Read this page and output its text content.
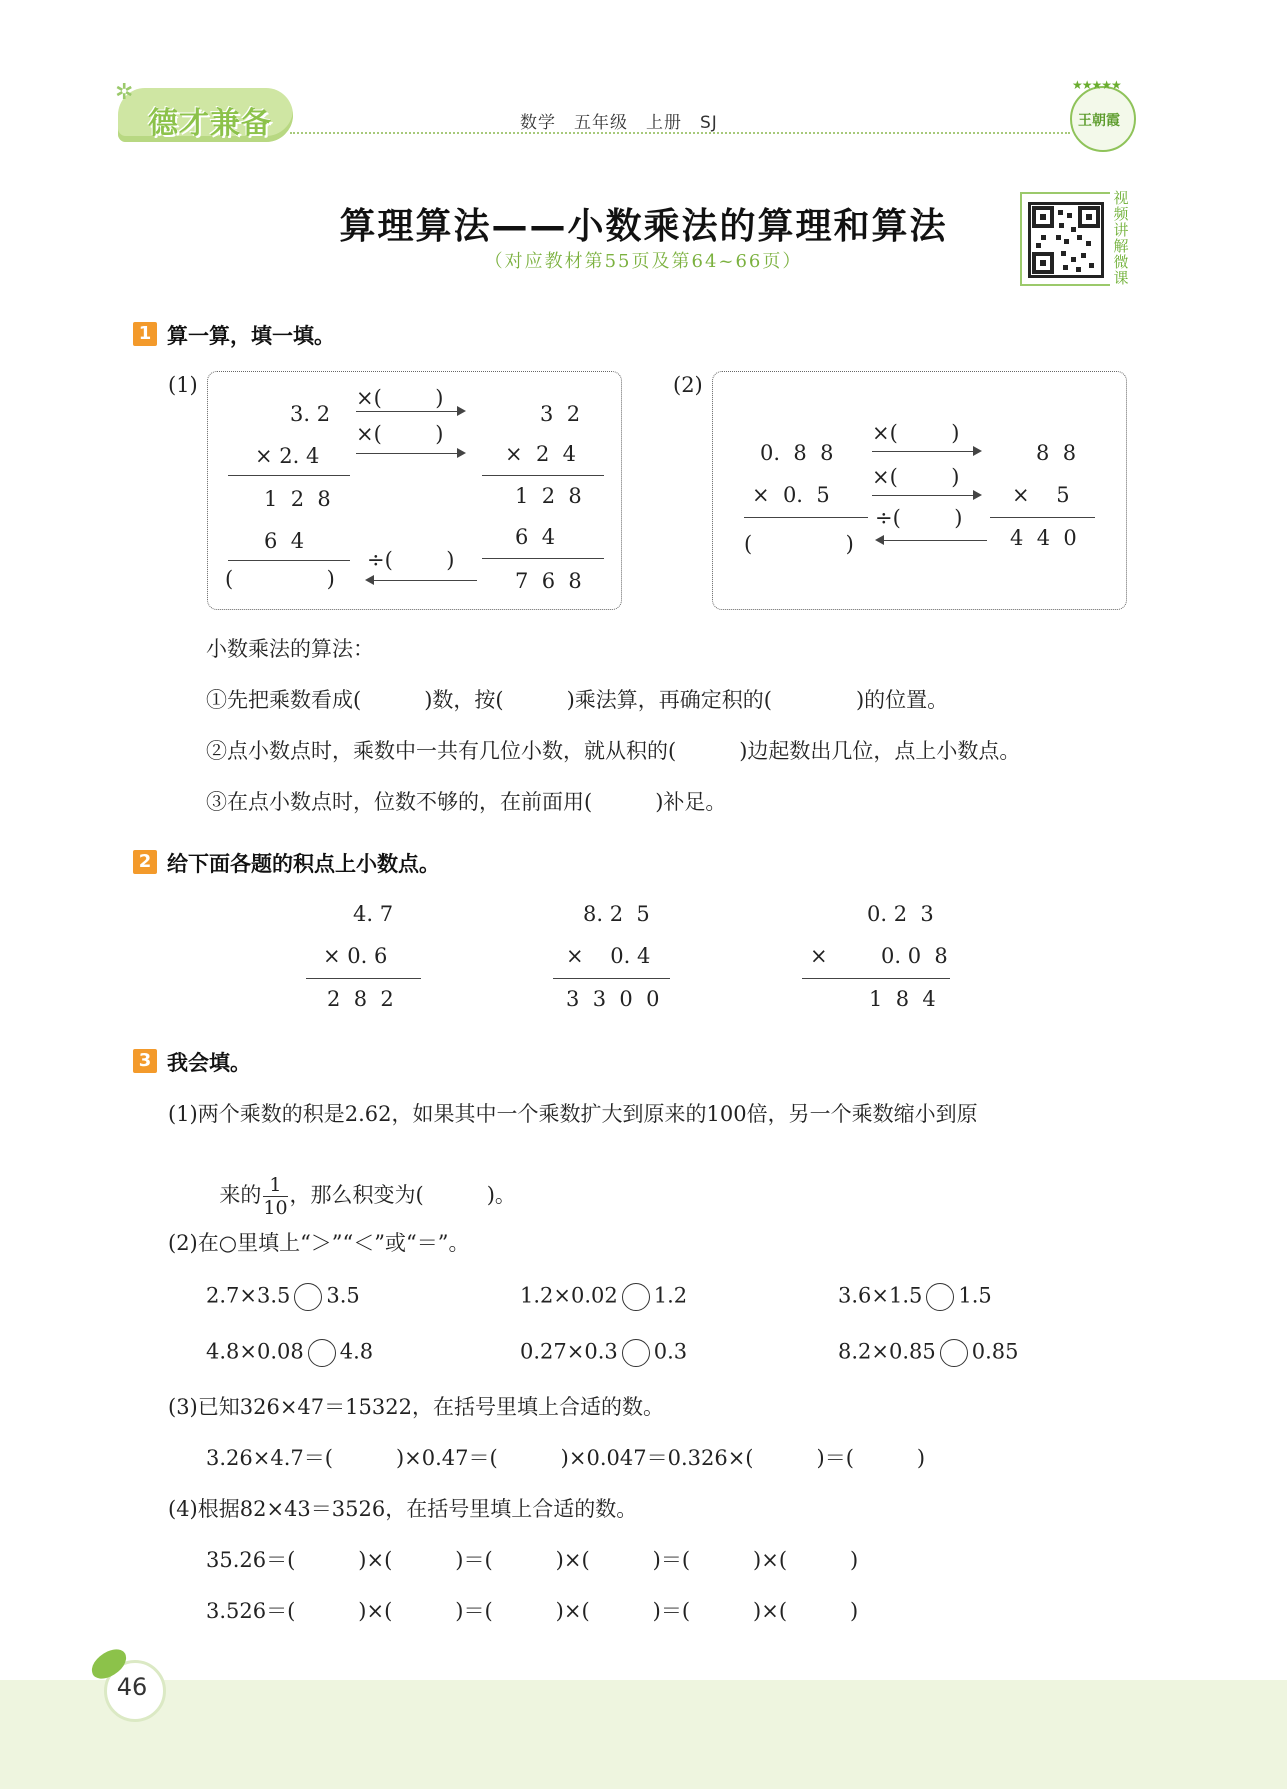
✲
德才兼备	数学　五年级　上册　SJ
★★★★★
王朝霞
算理算法——小数乘法的算理和算法
（对应教材第55页及第64~66页）
视频讲解微课
1 算一算，填一填。
(1)
3. 2
× 2. 4
1  2  8
6  4
(              )
×(        )
×(        )
÷(        )
3  2
×  2  4
1  2  8
6  4
7  6  8
(2)
0.  8  8
×  0.  5
(              )
×(        )
×(        )
÷(        )
8  8
×    5
4  4  0
小数乘法的算法：
①先把乘数看成(　　　)数，按(　　　)乘法算，再确定积的(　　　　)的位置。
②点小数点时，乘数中一共有几位小数，就从积的(　　　)边起数出几位，点上小数点。
③在点小数点时，位数不够的，在前面用(　　　)补足。
2 给下面各题的积点上小数点。
4. 7
× 0. 6
2  8  2
8. 2  5
×    0. 4
3  3  0  0
0. 2  3
×        0. 0  8
1  8  4
3 我会填。
(1)两个乘数的积是2.62，如果其中一个乘数扩大到原来的100倍，另一个乘数缩小到原

来的 $\frac{1}{10}$ ，那么积变为(　　　)。

(2)在○里填上“＞”“＜”或“＝”。
2.7×3.5 3.5	1.2×0.02 1.2	3.6×1.5 1.5
4.8×0.08 4.8	0.27×0.3 0.3	8.2×0.85 0.85
(3)已知326×47＝15322，在括号里填上合适的数。
3.26×4.7＝(　　　)×0.47＝(　　　)×0.047＝0.326×(　　　)＝(　　　)
(4)根据82×43＝3526，在括号里填上合适的数。
35.26＝(　　　)×(　　　)＝(　　　)×(　　　)＝(　　　)×(　　　)
3.526＝(　　　)×(　　　)＝(　　　)×(　　　)＝(　　　)×(　　　)
46
